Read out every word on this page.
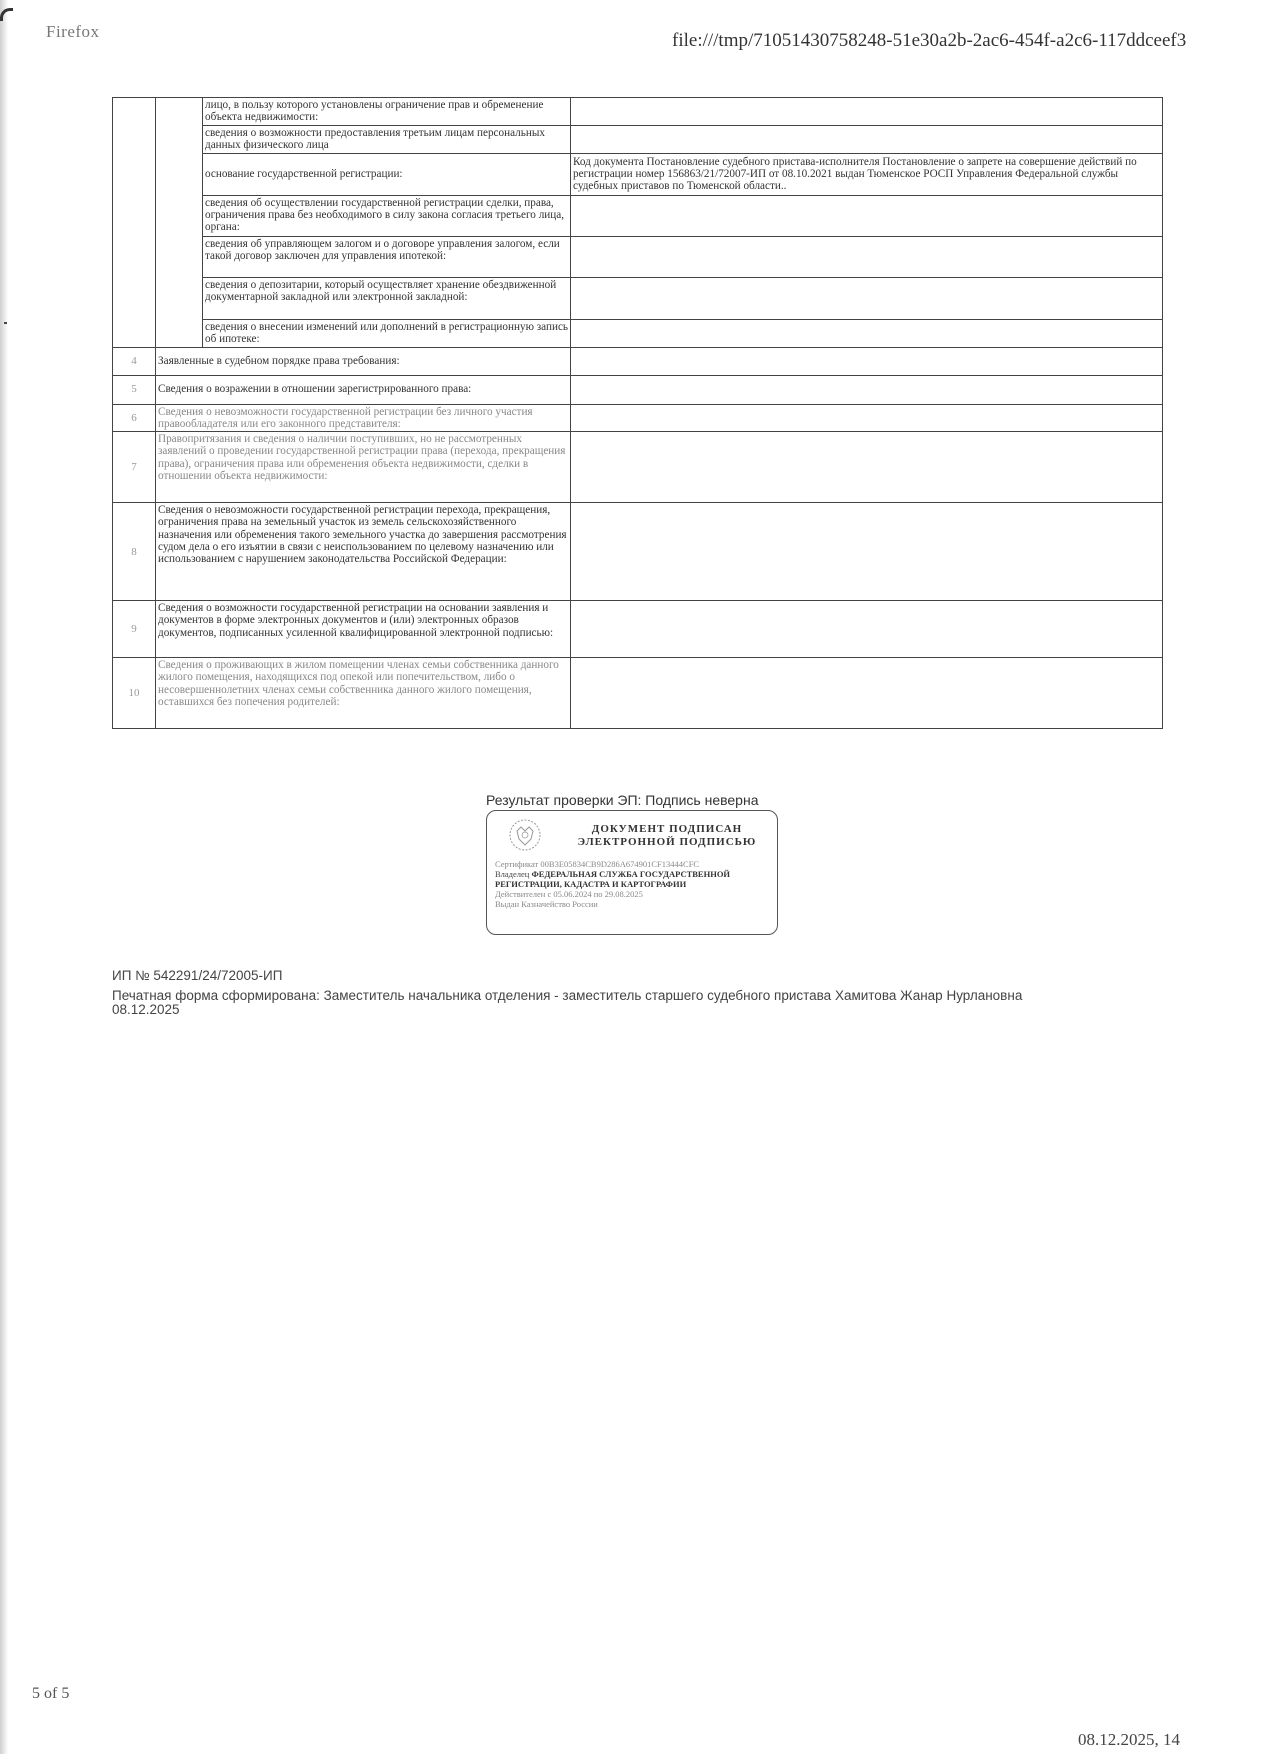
Firefox	file:///tmp/71051430758248-51e30a2b-2ac6-454f-a2c6-117ddceef3
		лицо, в пользу которого установлены ограничение прав и обременение объекта недвижимости:	
		сведения о возможности предоставления третьим лицам персональных данных физического лица	
		основание государственной регистрации:	Код документа Постановление судебного пристава-исполнителя Постановление о запрете на совершение действий по регистрации номер 156863/21/72007-ИП от 08.10.2021 выдан Тюменское РОСП Управления Федеральной службы судебных приставов по Тюменской области..
		сведения об осуществлении государственной регистрации сделки, права, ограничения права без необходимого в силу закона согласия третьего лица, органа:	
		сведения об управляющем залогом и о договоре управления залогом, если такой договор заключен для управления ипотекой:	
		сведения о депозитарии, который осуществляет хранение обездвиженной документарной закладной или электронной закладной:	
		сведения о внесении изменений или дополнений в регистрационную запись об ипотеке:	
4	Заявленные в судебном порядке права требования:		
5	Сведения о возражении в отношении зарегистрированного права:		
6	Сведения о невозможности государственной регистрации без личного участия правообладателя или его законного представителя:		
7	Правопритязания и сведения о наличии поступивших, но не рассмотренных заявлений о проведении государственной регистрации права (перехода, прекращения права), ограничения права или обременения объекта недвижимости, сделки в отношении объекта недвижимости:		
8	Сведения о невозможности государственной регистрации перехода, прекращения, ограничения права на земельный участок из земель сельскохозяйственного назначения или обременения такого земельного участка до завершения рассмотрения судом дела о его изъятии в связи с неиспользованием по целевому назначению или использованием с нарушением законодательства Российской Федерации:		
9	Сведения о возможности государственной регистрации на основании заявления и документов в форме электронных документов и (или) электронных образов документов, подписанных усиленной квалифицированной электронной подписью:		
10	Сведения о проживающих в жилом помещении членах семьи собственника данного жилого помещения, находящихся под опекой или попечительством, либо о несовершеннолетних членах семьи собственника данного жилого помещения, оставшихся без попечения родителей:		
Результат проверки ЭП: Подпись неверна
ДОКУМЕНТ ПОДПИСАН
ЭЛЕКТРОННОЙ ПОДПИСЬЮ
Сертификат 00B3E05834CB9D286A674901CF13444CFC
Владелец ФЕДЕРАЛЬНАЯ СЛУЖБА ГОСУДАРСТВЕННОЙ РЕГИСТРАЦИИ, КАДАСТРА И КАРТОГРАФИИ
Действителен с 05.06.2024 по 29.08.2025
Выдан Казначейство России
ИП № 542291/24/72005-ИП
Печатная форма сформирована: Заместитель начальника отделения - заместитель старшего судебного пристава Хамитова Жанар Нурлановна
08.12.2025
5 of 5
08.12.2025, 14
